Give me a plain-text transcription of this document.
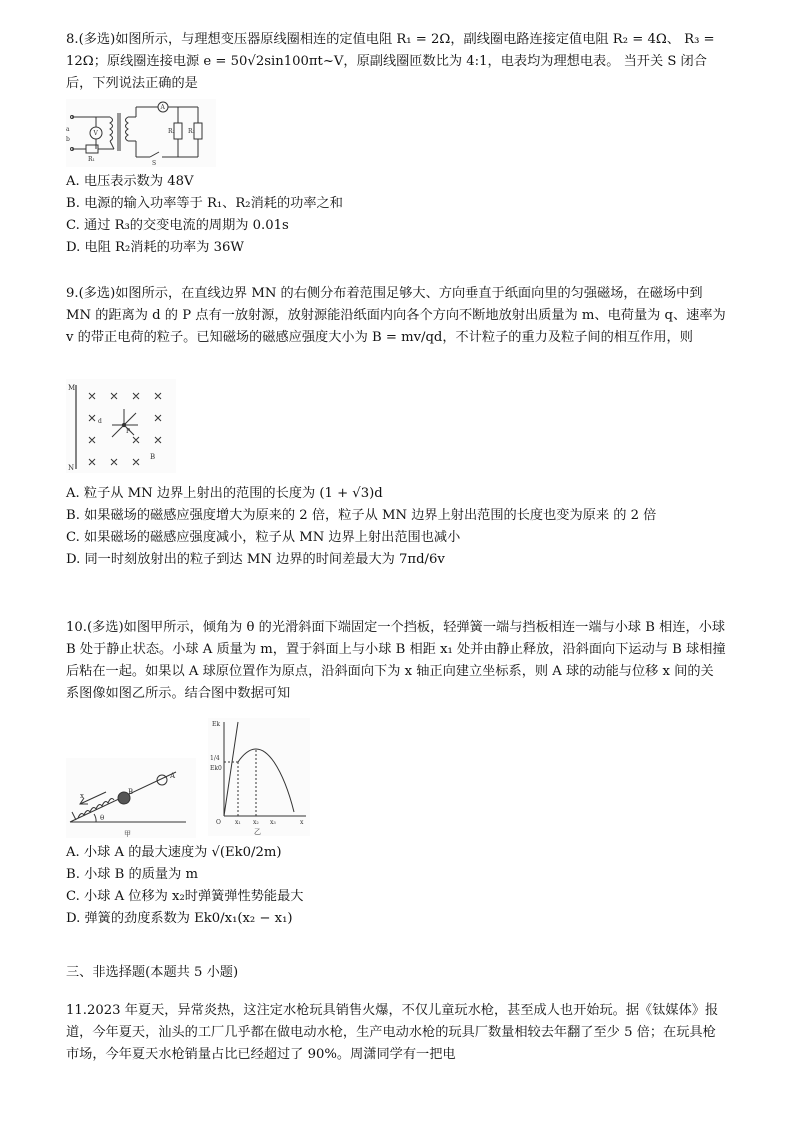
8.(多选)如图所示，与理想变压器原线圈相连的定值电阻 R₁ = 2Ω，副线圈电路连接定值电阻 R₂ = 4Ω、 R₃ = 12Ω；原线圈连接电源 e = 50√2sin100πt~V，原副线圈匝数比为 4:1，电表均为理想电表。 当开关 S 闭合后，下列说法正确的是

a
b
V
A
R₁
R₂ R₃
S

A. 电压表示数为 48V

B. 电源的输入功率等于 R₁、R₂消耗的功率之和

C. 通过 R₃的交变电流的周期为 0.01s

D. 电阻 R₂消耗的功率为 36W

9.(多选)如图所示，在直线边界 MN 的右侧分布着范围足够大、方向垂直于纸面向里的匀强磁场，在磁场中到 MN 的距离为 d 的 P 点有一放射源，放射源能沿纸面内向各个方向不断地放射出质量为 m、电荷量为 q、速率为 v 的带正电荷的粒子。已知磁场的磁感应强度大小为 B = mv/qd，不计粒子的重力及粒子间的相互作用，则

M
N
P
B
d

A. 粒子从 MN 边界上射出的范围的长度为 (1 + √3)d

B. 如果磁场的磁感应强度增大为原来的 2 倍，粒子从 MN 边界上射出范围的长度也变为原来 的 2 倍

C. 如果磁场的磁感应强度减小，粒子从 MN 边界上射出范围也减小

D. 同一时刻放射出的粒子到达 MN 边界的时间差最大为 7πd/6v

10.(多选)如图甲所示，倾角为 θ 的光滑斜面下端固定一个挡板，轻弹簧一端与挡板相连一端与小球 B 相连，小球 B 处于静止状态。小球 A 质量为 m，置于斜面上与小球 B 相距 x₁ 处并由静止释放，沿斜面向下运动与 B 球相撞后粘在一起。如果以 A 球原位置作为原点，沿斜面向下为 x 轴正向建立坐标系，则 A 球的动能与位移 x 间的关系图像如图乙所示。结合图中数据可知

x	B
A
θ
甲
Ek
1/4
Ek0
O x₁ x₂ x₃	x
乙

A. 小球 A 的最大速度为 √(Ek0/2m)

B. 小球 B 的质量为 m

C. 小球 A 位移为 x₂时弹簧弹性势能最大

D. 弹簧的劲度系数为 Ek0/x₁(x₂ − x₁)

三、非选择题(本题共 5 小题)

11.2023 年夏天，异常炎热，这注定水枪玩具销售火爆，不仅儿童玩水枪，甚至成人也开始玩。据《钛媒体》报道，今年夏天，汕头的工厂几乎都在做电动水枪，生产电动水枪的玩具厂数量相较去年翻了至少 5 倍；在玩具枪市场，今年夏天水枪销量占比已经超过了 90%。周潇同学有一把电
